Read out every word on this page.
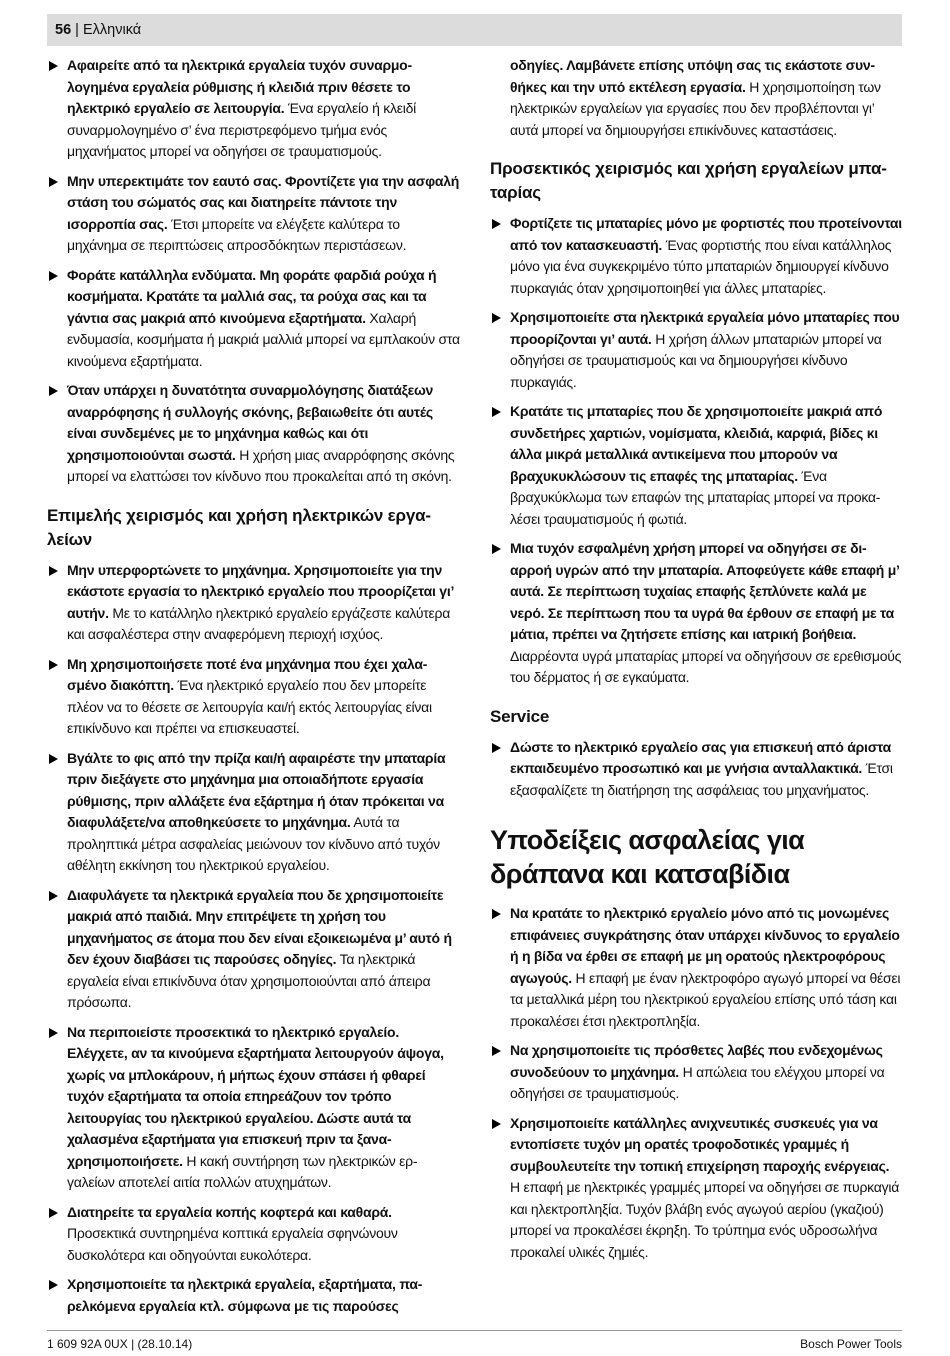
56 | Ελληνικά
Αφαιρείτε από τα ηλεκτρικά εργαλεία τυχόν συναρμολογημένα εργαλεία ρύθμισης ή κλειδιά πριν θέσετε το ηλεκτρικό εργαλείο σε λειτουργία. Ένα εργαλείο ή κλειδί συναρμολογημένο σ’ ένα περιστρεφόμενο τμήμα ενός μηχανήματος μπορεί να οδηγήσει σε τραυματισμούς.
Μην υπερεκτιμάτε τον εαυτό σας. Φροντίζετε για την ασφαλή στάση του σώματός σας και διατηρείτε πάντοτε την ισορροπία σας. Έτσι μπορείτε να ελέγξετε καλύτερα το μηχάνημα σε περιπτώσεις απροσδόκητων περιστάσεων.
Φοράτε κατάλληλα ενδύματα. Μη φοράτε φαρδιά ρούχα ή κοσμήματα. Κρατάτε τα μαλλιά σας, τα ρούχα σας και τα γάντια σας μακριά από κινούμενα εξαρτήματα. Χαλαρή ενδυμασία, κοσμήματα ή μακριά μαλλιά μπορεί να εμπλακούν στα κινούμενα εξαρτήματα.
Όταν υπάρχει η δυνατότητα συναρμολόγησης διατάξεων αναρρόφησης ή συλλογής σκόνης, βεβαιωθείτε ότι αυτές είναι συνδεμένες με το μηχάνημα καθώς και ότι χρησιμοποιούνται σωστά. Η χρήση μιας αναρρόφησης σκόνης μπορεί να ελαττώσει τον κίνδυνο που προκαλείται από τη σκόνη.
Επιμελής χειρισμός και χρήση ηλεκτρικών εργαλείων
Μην υπερφορτώνετε το μηχάνημα. Χρησιμοποιείτε για την εκάστοτε εργασία το ηλεκτρικό εργαλείο που προορίζεται γι’ αυτήν. Με το κατάλληλο ηλεκτρικό εργαλείο εργάζεστε καλύτερα και ασφαλέστερα στην αναφερόμενη περιοχή ισχύος.
Μη χρησιμοποιήσετε ποτέ ένα μηχάνημα που έχει χαλασμένο διακόπτη. Ένα ηλεκτρικό εργαλείο που δεν μπορείτε πλέον να το θέσετε σε λειτουργία και/ή εκτός λειτουργίας είναι επικίνδυνο και πρέπει να επισκευαστεί.
Βγάλτε το φις από την πρίζα και/ή αφαιρέστε την μπαταρία πριν διεξάγετε στο μηχάνημα μια οποιαδήποτε εργασία ρύθμισης, πριν αλλάξετε ένα εξάρτημα ή όταν πρόκειται να διαφυλάξετε/να αποθηκεύσετε το μηχάνημα. Αυτά τα προληπτικά μέτρα ασφαλείας μειώνουν τον κίνδυνο από τυχόν αθέλητη εκκίνηση του ηλεκτρικού εργαλείου.
Διαφυλάγετε τα ηλεκτρικά εργαλεία που δε χρησιμοποιείτε μακριά από παιδιά. Μην επιτρέψετε τη χρήση του μηχανήματος σε άτομα που δεν είναι εξοικειωμένα μ’ αυτό ή δεν έχουν διαβάσει τις παρούσες οδηγίες. Τα ηλεκτρικά εργαλεία είναι επικίνδυνα όταν χρησιμοποιούνται από άπειρα πρόσωπα.
Να περιποιείστε προσεκτικά το ηλεκτρικό εργαλείο. Ελέγχετε, αν τα κινούμενα εξαρτήματα λειτουργούν άψογα, χωρίς να μπλοκάρουν, ή μήπως έχουν σπάσει ή φθαρεί τυχόν εξαρτήματα τα οποία επηρεάζουν τον τρόπο λειτουργίας του ηλεκτρικού εργαλείου. Δώστε αυτά τα χαλασμένα εξαρτήματα για επισκευή πριν τα ξαναχρησιμοποιήσετε. Η κακή συντήρηση των ηλεκτρικών εργαλείων αποτελεί αιτία πολλών ατυχημάτων.
Διατηρείτε τα εργαλεία κοπής κοφτερά και καθαρά. Προσεκτικά συντηρημένα κοπτικά εργαλεία σφηνώνουν δυσκολότερα και οδηγούνται ευκολότερα.
Χρησιμοποιείτε τα ηλεκτρικά εργαλεία, εξαρτήματα, παρελκόμενα εργαλεία κτλ. σύμφωνα με τις παρούσες
οδηγίες. Λαμβάνετε επίσης υπόψη σας τις εκάστοτε συνθήκες και την υπό εκτέλεση εργασία. Η χρησιμοποίηση των ηλεκτρικών εργαλείων για εργασίες που δεν προβλέπονται γι’ αυτά μπορεί να δημιουργήσει επικίνδυνες καταστάσεις.
Προσεκτικός χειρισμός και χρήση εργαλείων μπαταρίας
Φορτίζετε τις μπαταρίες μόνο με φορτιστές που προτείνονται από τον κατασκευαστή. Ένας φορτιστής που είναι κατάλληλος μόνο για ένα συγκεκριμένο τύπο μπαταριών δημιουργεί κίνδυνο πυρκαγιάς όταν χρησιμοποιηθεί για άλλες μπαταρίες.
Χρησιμοποιείτε στα ηλεκτρικά εργαλεία μόνο μπαταρίες που προορίζονται γι’ αυτά. Η χρήση άλλων μπαταριών μπορεί να οδηγήσει σε τραυματισμούς και να δημιουργήσει κίνδυνο πυρκαγιάς.
Κρατάτε τις μπαταρίες που δε χρησιμοποιείτε μακριά από συνδετήρες χαρτιών, νομίσματα, κλειδιά, καρφιά, βίδες κι άλλα μικρά μεταλλικά αντικείμενα που μπορούν να βραχυκυκλώσουν τις επαφές της μπαταρίας. Ένα βραχυκύκλωμα των επαφών της μπαταρίας μπορεί να προκαλέσει τραυματισμούς ή φωτιά.
Μια τυχόν εσφαλμένη χρήση μπορεί να οδηγήσει σε διαρροή υγρών από την μπαταρία. Αποφεύγετε κάθε επαφή μ’ αυτά. Σε περίπτωση τυχαίας επαφής ξεπλύνετε καλά με νερό. Σε περίπτωση που τα υγρά θα έρθουν σε επαφή με τα μάτια, πρέπει να ζητήσετε επίσης και ιατρική βοήθεια. Διαρρέοντα υγρά μπαταρίας μπορεί να οδηγήσουν σε ερεθισμούς του δέρματος ή σε εγκαύματα.
Service
Δώστε το ηλεκτρικό εργαλείο σας για επισκευή από άριστα εκπαιδευμένο προσωπικό και με γνήσια ανταλλακτικά. Έτσι εξασφαλίζετε τη διατήρηση της ασφάλειας του μηχανήματος.
Υποδείξεις ασφαλείας για δράπανα και κατσαβίδια
Να κρατάτε το ηλεκτρικό εργαλείο μόνο από τις μονωμένες επιφάνειες συγκράτησης όταν υπάρχει κίνδυνος το εργαλείο ή η βίδα να έρθει σε επαφή με μη ορατούς ηλεκτροφόρους αγωγούς. Η επαφή με έναν ηλεκτροφόρο αγωγό μπορεί να θέσει τα μεταλλικά μέρη του ηλεκτρικού εργαλείου επίσης υπό τάση και προκαλέσει έτσι ηλεκτροπληξία.
Να χρησιμοποιείτε τις πρόσθετες λαβές που ενδεχομένως συνοδεύουν το μηχάνημα. Η απώλεια του ελέγχου μπορεί να οδηγήσει σε τραυματισμούς.
Χρησιμοποιείτε κατάλληλες ανιχνευτικές συσκευές για να εντοπίσετε τυχόν μη ορατές τροφοδοτικές γραμμές ή συμβουλευτείτε την τοπική επιχείρηση παροχής ενέργειας. Η επαφή με ηλεκτρικές γραμμές μπορεί να οδηγήσει σε πυρκαγιά και ηλεκτροπληξία. Τυχόν βλάβη ενός αγωγού αερίου (γκαζιού) μπορεί να προκαλέσει έκρηξη. Το τρύπημα ενός υδροσωλήνα προκαλεί υλικές ζημιές.
1 609 92A 0UX | (28.10.14)	Bosch Power Tools
